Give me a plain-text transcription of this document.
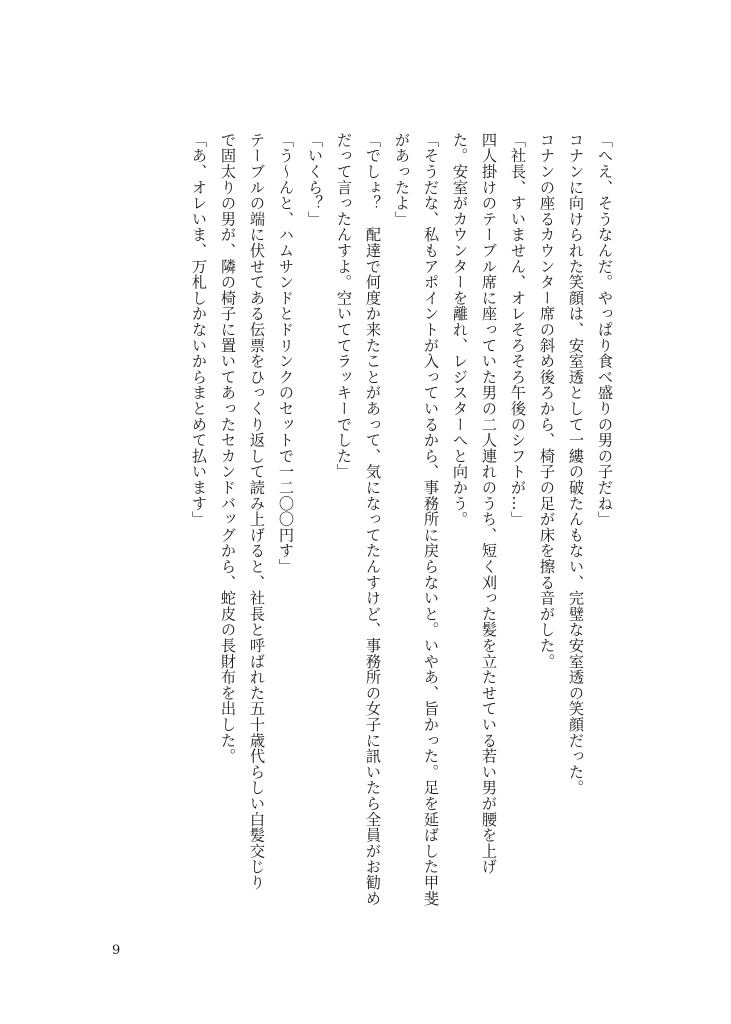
「へえ、そうなんだ。やっぱり食べ盛りの男の子だね」
コナンに向けられた笑顔は、安室透として一縷の破たんもない、完璧な安室透の笑顔だった。
コナンの座るカウンター席の斜め後ろから、椅子の足が床を擦る音がした。
「社長、すいません、オレそろそろ午後のシフトが…」
四人掛けのテーブル席に座っていた男の二人連れのうち、短く刈った髪を立たせている若い男が腰を上げ
た。安室がカウンターを離れ、レジスターへと向かう。
「そうだな、私もアポイントが入っているから、事務所に戻らないと。いやあ、旨かった。足を延ばした甲斐
があったよ」
「でしょ？　配達で何度か来たことがあって、気になってたんすけど、事務所の女子に訊いたら全員がお勧め
だって言ったんすよ。空いててラッキーでした」
「いくら？」
「う～んと、ハムサンドとドリンクのセットで一二〇〇円す」
テーブルの端に伏せてある伝票をひっくり返して読み上げると、社長と呼ばれた五十歳代らしい白髪交じり
で固太りの男が、隣の椅子に置いてあったセカンドバッグから、蛇皮の長財布を出した。
「あ、オレいま、万札しかないからまとめて払います」
9
